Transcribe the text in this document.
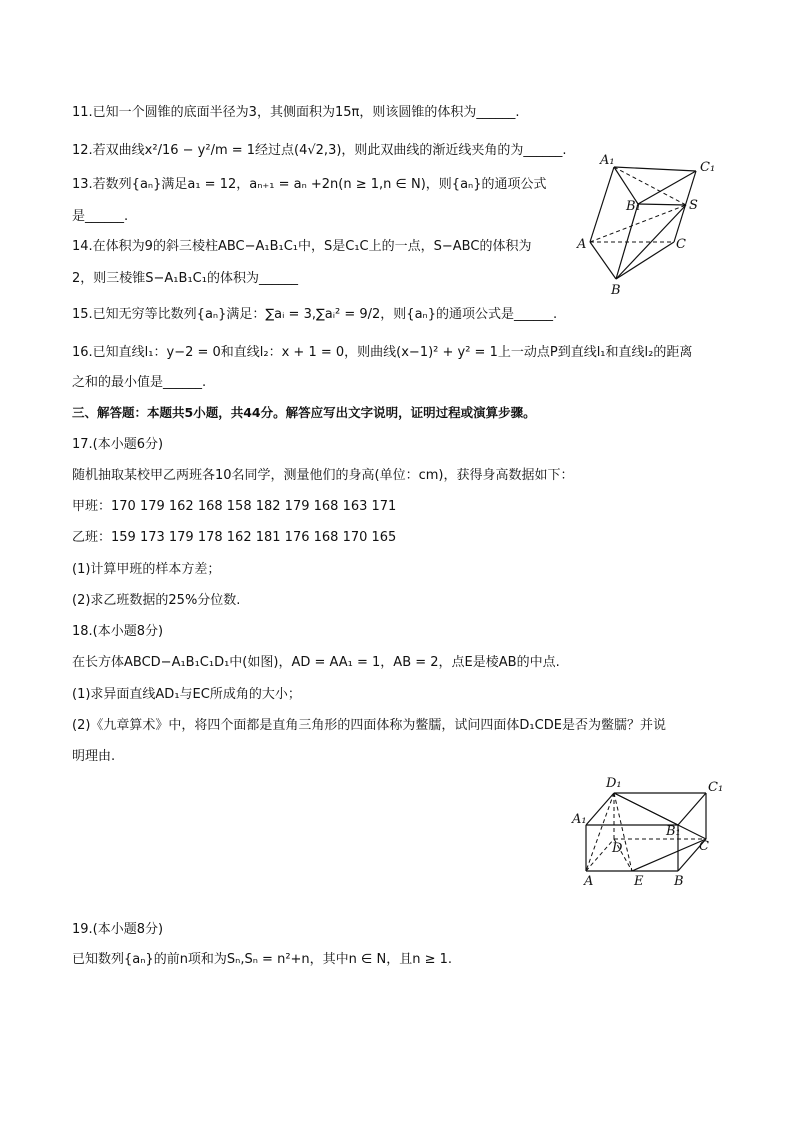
11.已知一个圆锥的底面半径为3，其侧面积为15π，则该圆锥的体积为______.
12.若双曲线x²/16 − y²/m = 1经过点(4√2,3)，则此双曲线的渐近线夹角的为______.
13.若数列{aₙ}满足a₁ = 12，aₙ₊₁ = aₙ +2n(n ≥ 1,n ∈ N)，则{aₙ}的通项公式
是______.
14.在体积为9的斜三棱柱ABC−A₁B₁C₁中，S是C₁C上的一点，S−ABC的体积为
2，则三棱锥S−A₁B₁C₁的体积为______
15.已知无穷等比数列{aₙ}满足：∑aᵢ = 3,∑aᵢ² = 9/2，则{aₙ}的通项公式是______.
16.已知直线l₁：y−2 = 0和直线l₂：x + 1 = 0，则曲线(x−1)² + y² = 1上一动点P到直线l₁和直线l₂的距离
之和的最小值是______.
三、解答题：本题共5小题，共44分。解答应写出文字说明，证明过程或演算步骤。
17.(本小题6分)
随机抽取某校甲乙两班各10名同学，测量他们的身高(单位：cm)，获得身高数据如下：
甲班：170 179 162 168 158 182 179 168 163 171
乙班：159 173 179 178 162 181 176 168 170 165
(1)计算甲班的样本方差；
(2)求乙班数据的25%分位数.
18.(本小题8分)
在长方体ABCD−A₁B₁C₁D₁中(如图)，AD = AA₁ = 1，AB = 2，点E是棱AB的中点.
(1)求异面直线AD₁与EC所成角的大小；
(2)《九章算术》中，将四个面都是直角三角形的四面体称为鳖臑，试问四面体D₁CDE是否为鳖臑？并说
明理由.
19.(本小题8分)
已知数列{aₙ}的前n项和为Sₙ,Sₙ = n²+n，其中n ∈ N，且n ≥ 1.
A₁	C₁
B₁	S
A	C
B
D₁	C₁
A₁
B₁
D	C
A	E B
